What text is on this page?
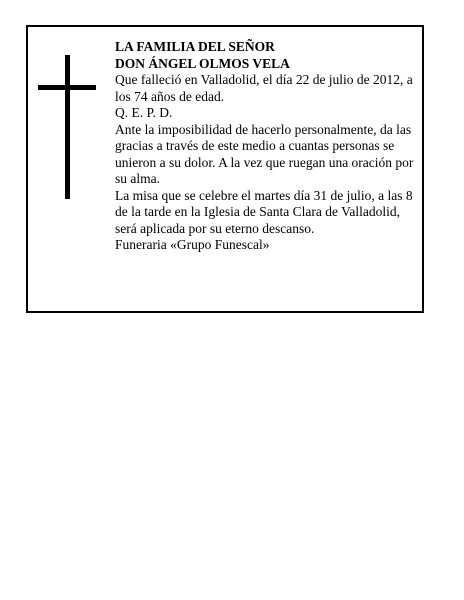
LA FAMILIA DEL SEÑOR

DON ÁNGEL OLMOS VELA

Que falleció en Valladolid, el día 22 de julio de 2012, a los 74 años de edad.

Q. E. P. D.

Ante la imposibilidad de hacerlo personalmente, da las gracias a través de este medio a cuantas personas se unieron a su dolor. A la vez que ruegan una oración por su alma.

La misa que se celebre el martes día 31 de julio, a las 8 de la tarde en la Iglesia de Santa Clara de Valladolid, será aplicada por su eterno descanso.

Funeraria «Grupo Funescal»
